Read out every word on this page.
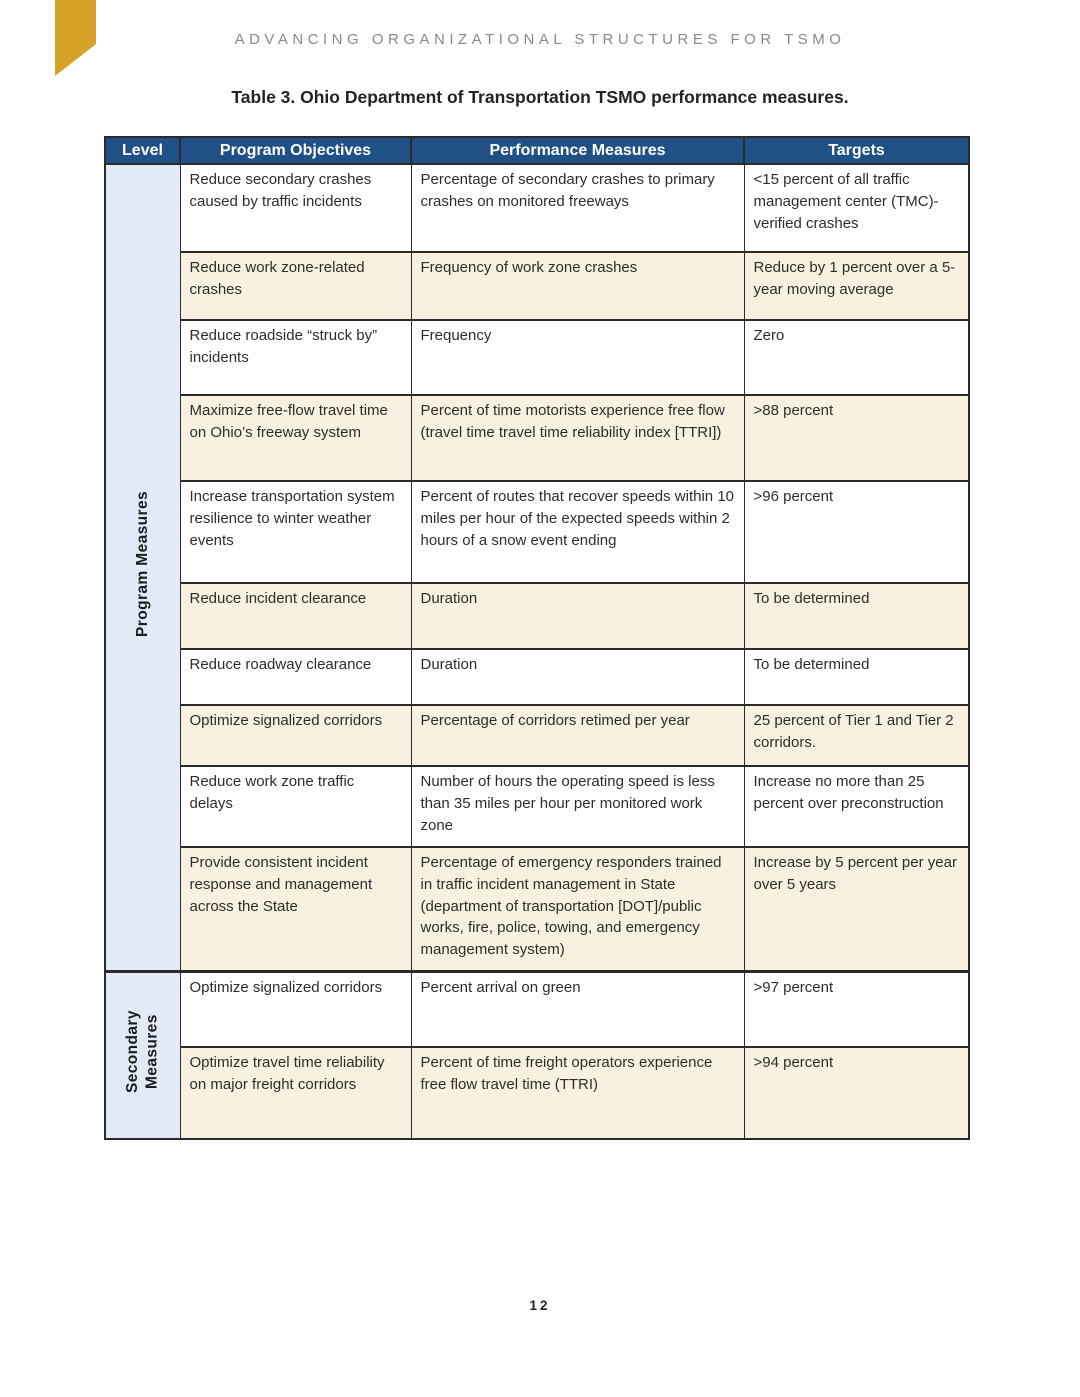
ADVANCING ORGANIZATIONAL STRUCTURES FOR TSMO
Table 3. Ohio Department of Transportation TSMO performance measures.
Level	Program Objectives	Performance Measures	Targets
Program Measures	Reduce secondary crashes caused by traffic incidents	Percentage of secondary crashes to primary crashes on monitored freeways	<15 percent of all traffic management center (TMC)-verified crashes
	Reduce work zone-related crashes	Frequency of work zone crashes	Reduce by 1 percent over a 5-year moving average
	Reduce roadside “struck by” incidents	Frequency	Zero
	Maximize free-flow travel time on Ohio’s freeway system	Percent of time motorists experience free flow (travel time travel time reliability index [TTRI])	>88 percent
	Increase transportation system resilience to winter weather events	Percent of routes that recover speeds within 10 miles per hour of the expected speeds within 2 hours of a snow event ending	>96 percent
	Reduce incident clearance	Duration	To be determined
	Reduce roadway clearance	Duration	To be determined
	Optimize signalized corridors	Percentage of corridors retimed per year	25 percent of Tier 1 and Tier 2 corridors.
	Reduce work zone traffic delays	Number of hours the operating speed is less than 35 miles per hour per monitored work zone	Increase no more than 25 percent over preconstruction
	Provide consistent incident response and management across the State	Percentage of emergency responders trained in traffic incident management in State (department of transportation [DOT]/public works, fire, police, towing, and emergency management system)	Increase by 5 percent per year over 5 years
Secondary Measures	Optimize signalized corridors	Percent arrival on green	>97 percent
	Optimize travel time reliability on major freight corridors	Percent of time freight operators experience free flow travel time (TTRI)	>94 percent
12
